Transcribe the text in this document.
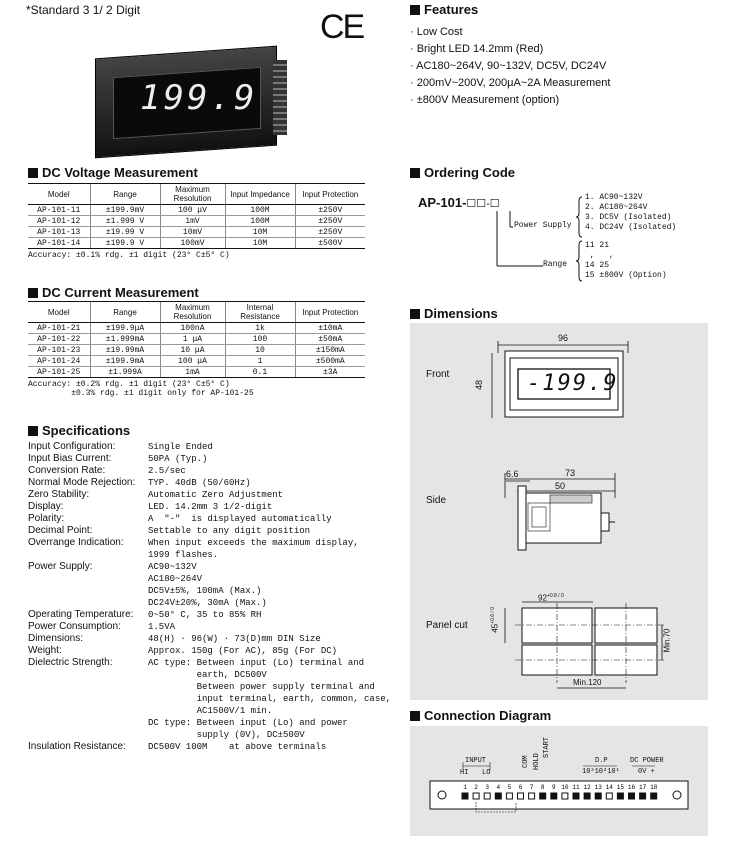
*Standard 3 1/ 2 Digit	CE
199.9
Features
· Low Cost
· Bright LED 14.2mm (Red)
· AC180~264V, 90~132V, DC5V, DC24V
· 200mV~200V, 200μA~2A Measurement
· ±800V Measurement (option)
DC Voltage Measurement
Model	Range	Maximum Resolution	Input Impedance	Input Protection
AP-101-11	±199.9mV	100 μV	100M	±250V
AP-101-12	±1.999 V	1mV	100M	±250V
AP-101-13	±19.99 V	10mV	10M	±250V
AP-101-14	±199.9 V	100mV	10M	±500V
Accuracy: ±0.1% rdg. ±1 digit (23° C±5° C)
DC Current Measurement
Model	Range	Maximum Resolution	Internal Resistance	Input Protection
AP-101-21	±199.9μA	100nA	1k	±10mA
AP-101-22	±1.999mA	1 μA	100	±50mA
AP-101-23	±19.99mA	10 μA	10	±150mA
AP-101-24	±199.9mA	100 μA	1	±500mA
AP-101-25	±1.999A	1mA	0.1	±3A
Accuracy: ±0.2% rdg. ±1 digit (23° C±5° C)
±0.3% rdg. ±1 digit only for AP-101-25
Specifications
Input Configuration:	Single Ended
Input Bias Current:	50PA (Typ.)
Conversion Rate:	2.5/sec
Normal Mode Rejection:	TYP. 40dB (50/60Hz)
Zero Stability:	Automatic Zero Adjustment
Display:	LED. 14.2mm 3 1/2-digit
Polarity:	A  "-"  is displayed automatically
Decimal Point:	Settable to any digit position
Overrange Indication:	When input exceeds the maximum display,
1999 flashes.
Power Supply:	AC90~132V
AC180~264V
DC5V±5%, 100mA (Max.)
DC24V±20%, 30mA (Max.)
Operating Temperature:	0~50° C, 35 to 85% RH
Power Consumption:	1.5VA
Dimensions:	48(H) · 96(W) · 73(D)mm DIN Size
Weight:	Approx. 150g (For AC), 85g (For DC)
Dielectric Strength:	AC type: Between input (Lo) terminal and
earth, DC500V
Between power supply terminal and
input terminal, earth, common, case,
AC1500V/1 min.
DC type: Between input (Lo) and power
supply (0V), DC±500V
Insulation Resistance:	DC500V 100M    at above terminals
Ordering Code
AP-101-☐☐-☐
Power Supply
Range
1. AC90~132V
2. AC180~264V
3. DC5V (Isolated)
4. DC24V (Isolated)
11 21
,   ,
14 25
15 ±800V (Option)
Dimensions
Front
96
48 -199.9
Side
73
50
6.6
Panel cut
$92^{+0.8 / 0}$
$45^{+0.6 / 0}$
Min.70
Min.120
Connection Diagram
INPUT
HI LO
COM HOLD
START
D.P
10³10²10¹
DC POWER
0V +
1 2 3 4 5 6 7 8 9 10 11 12 13 14 15 16 17 18
